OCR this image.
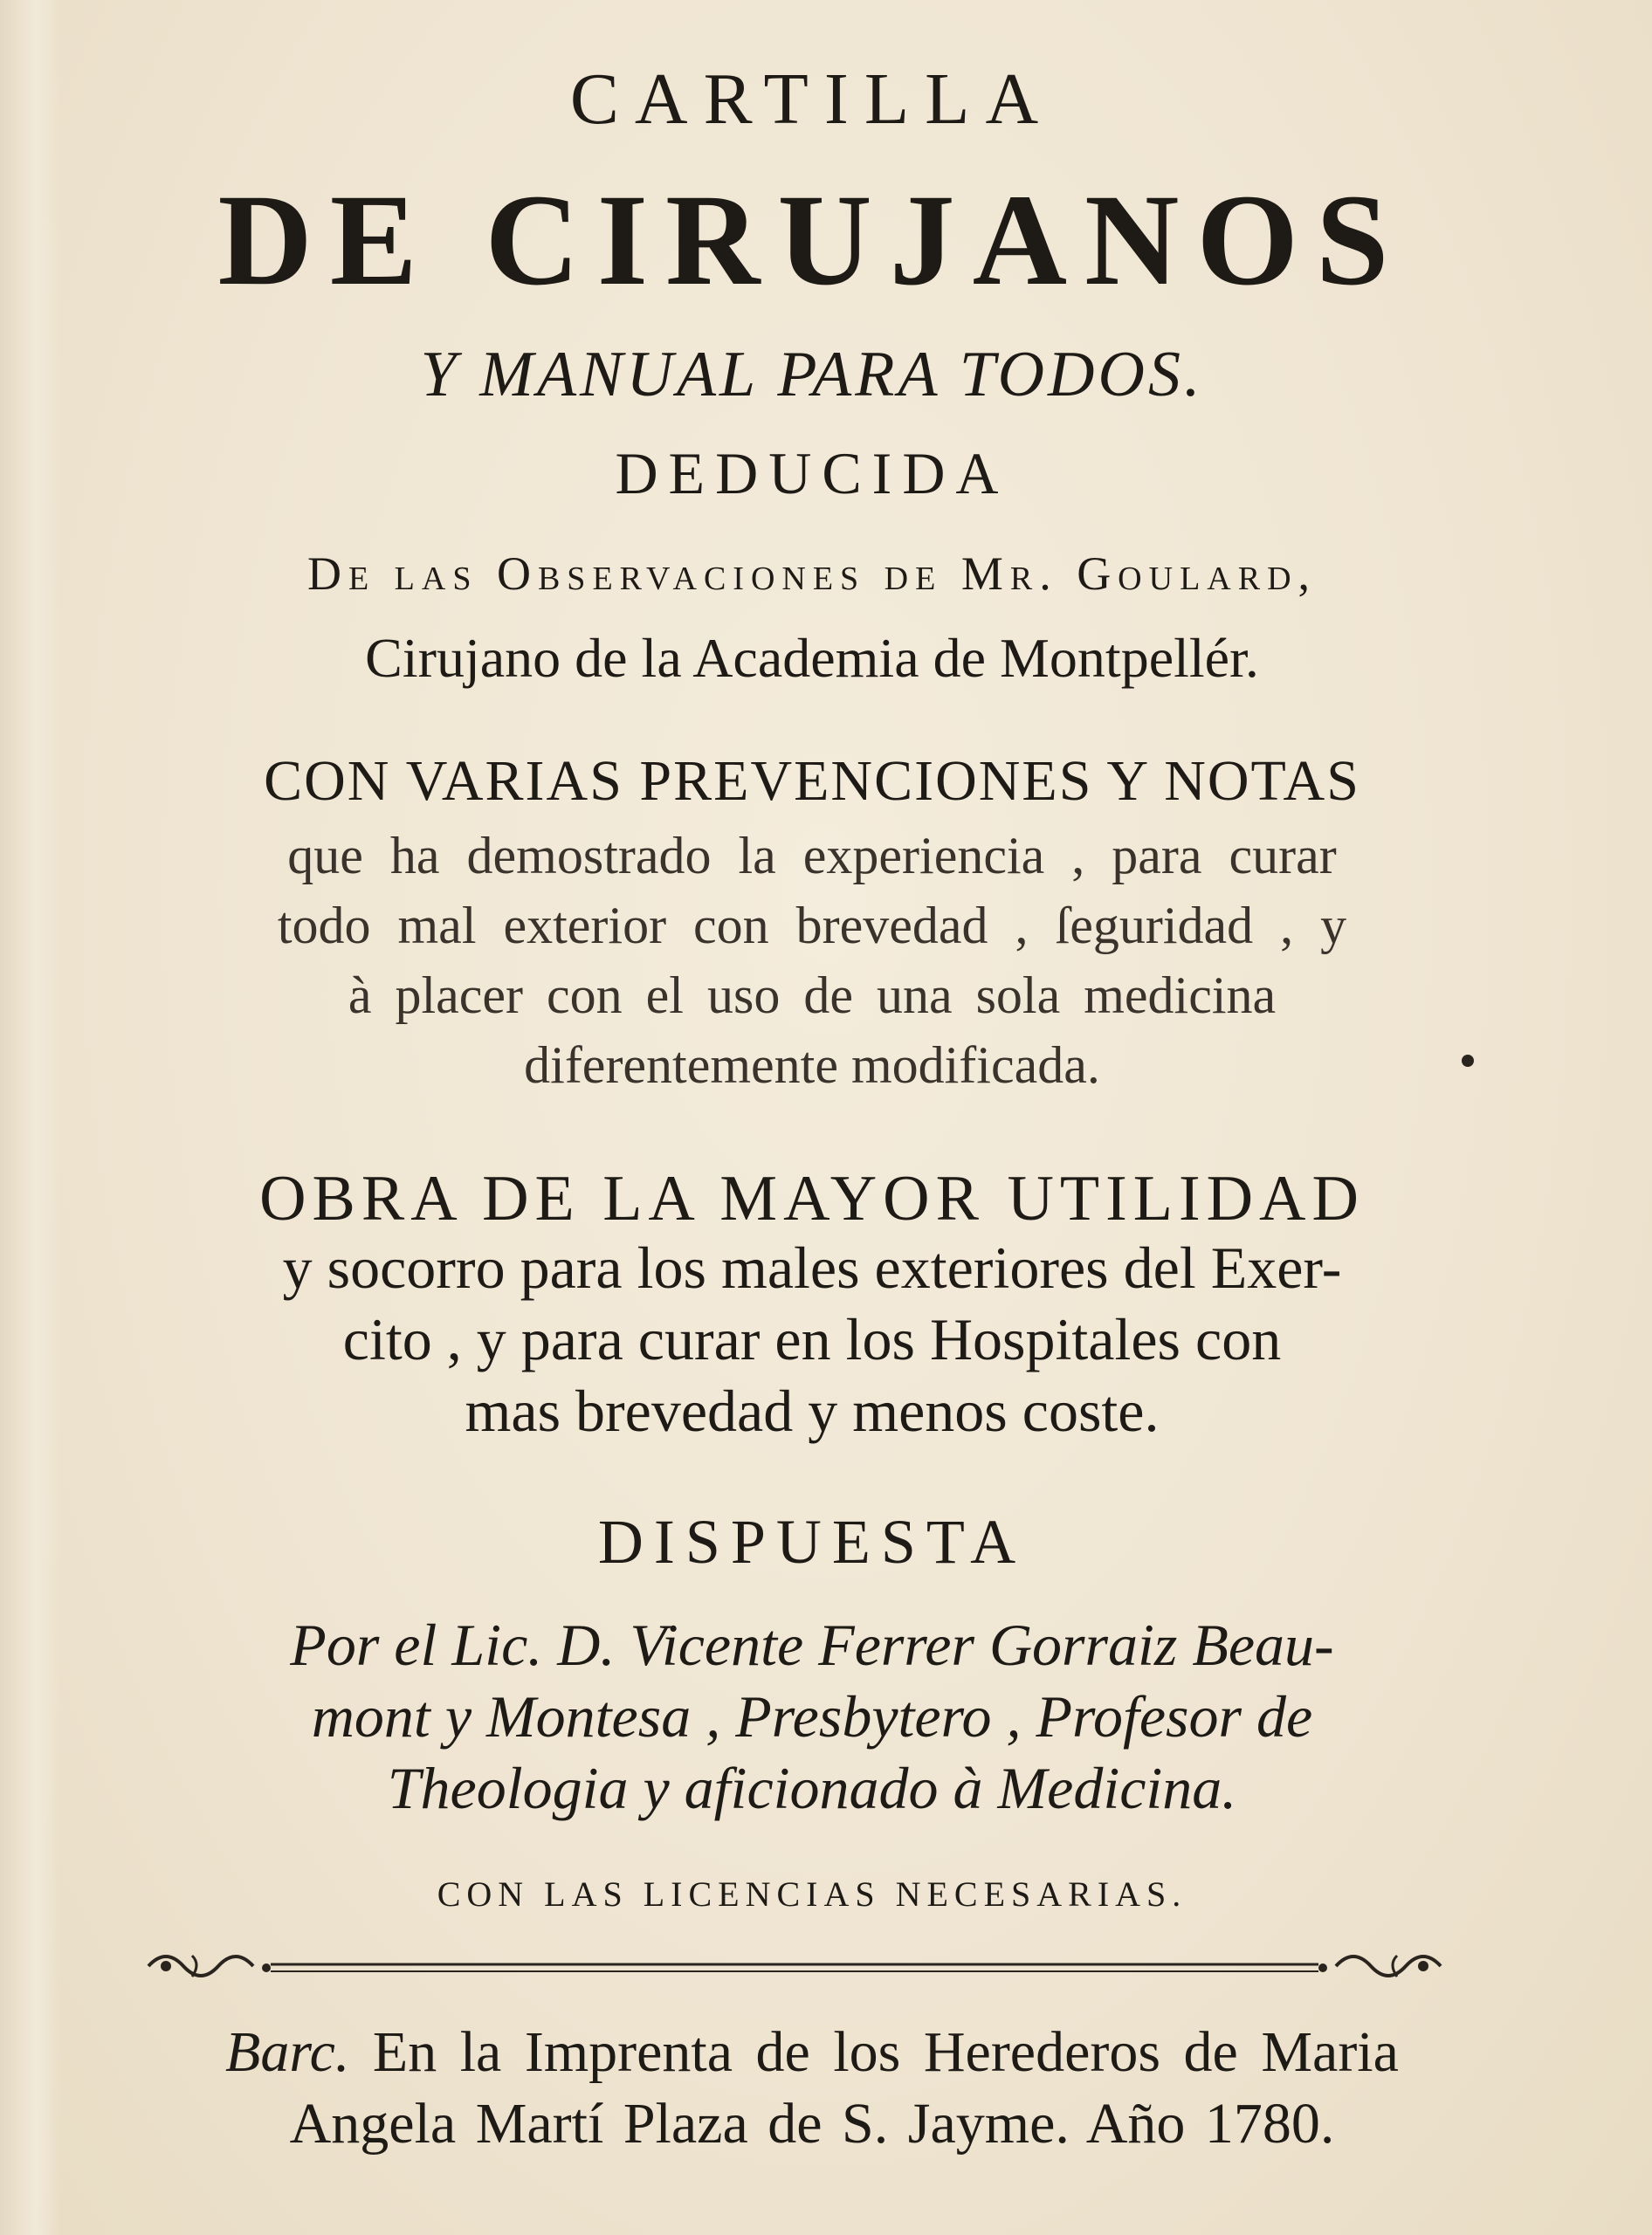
CARTILLA

DE CIRUJANOS

Y MANUAL PARA TODOS.

DEDUCIDA

De las Observaciones de Mr. Goulard,

Cirujano de la Academia de Montpellér.

CON VARIAS PREVENCIONES Y NOTAS

que ha demostrado la experiencia , para curar

todo mal exterior con brevedad , ſeguridad , y

à placer con el uso de una sola medicina

diferentemente modificada.

OBRA DE LA MAYOR UTILIDAD

y socorro para los males exteriores del Exer-

cito , y para curar en los Hospitales con

mas brevedad y menos coste.

DISPUESTA

Por el Lic. D. Vicente Ferrer Gorraiz Beau-

mont y Montesa , Presbytero , Profesor de

Theologia y aficionado à Medicina.

CON LAS LICENCIAS NECESARIAS.

Barc. En la Imprenta de los Herederos de Maria

Angela Martí Plaza de S. Jayme. Año 1780.
